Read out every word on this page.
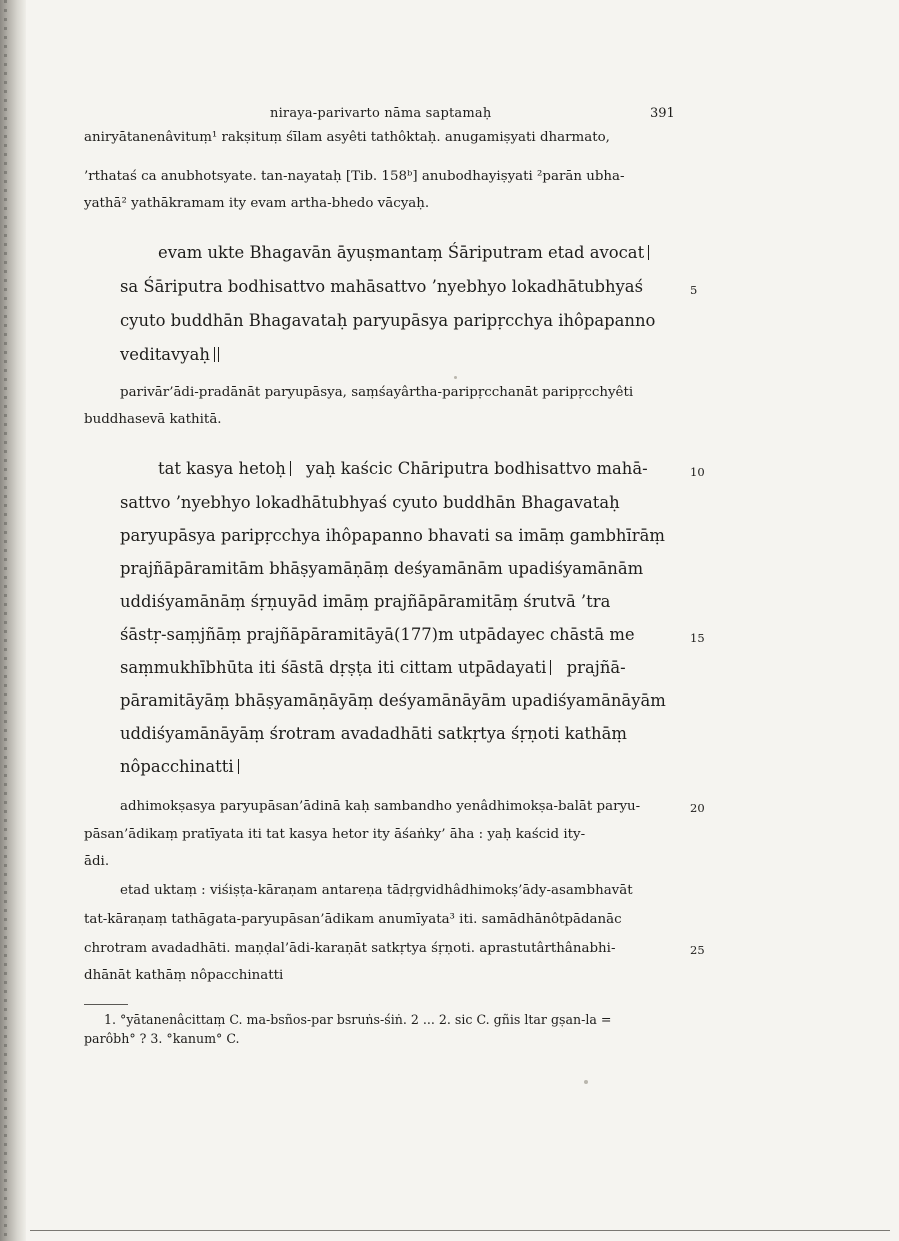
niraya-parivarto nāma saptamaḥ	391
aniryātanenâvituṃ¹ rakṣituṃ śīlam asyêti tathôktaḥ. anugamiṣyati dharmato,
’rthataś ca anubhotsyate. tan-nayataḥ [Tib. 158ᵇ] anubodhayiṣyati ²parān ubha-
yathā² yathākramam ity evam artha-bhedo vācyaḥ.
evam ukte Bhagavān āyuṣmantaṃ Śāriputram etad avocat
sa Śāriputra bodhisattvo mahāsattvo ’nyebhyo lokadhātubhyaś
cyuto buddhān Bhagavataḥ paryupāsya paripṛcchya ihôpapanno
veditavyaḥ
parivār’ādi-pradānāt paryupāsya, saṃśayârtha-paripṛcchanāt paripṛcchyêti
buddhasevā kathitā.
tat kasya hetoḥ yaḥ kaścic Chāriputra bodhisattvo mahā-
sattvo ’nyebhyo lokadhātubhyaś cyuto buddhān Bhagavataḥ
paryupāsya paripṛcchya ihôpapanno bhavati sa imāṃ gambhīrāṃ
prajñāpāramitām bhāṣyamāṇāṃ deśyamānām upadiśyamānām
uddiśyamānāṃ śṛṇuyād imāṃ prajñāpāramitāṃ śrutvā ’tra
śāstṛ-saṃjñāṃ prajñāpāramitāyā(177)m utpādayec chāstā me
saṃmukhībhūta iti śāstā dṛṣṭa iti cittam utpādayati prajñā-
pāramitāyāṃ bhāṣyamāṇāyāṃ deśyamānāyām upadiśyamānāyām
uddiśyamānāyāṃ śrotram avadadhāti satkṛtya śṛṇoti kathāṃ
nôpacchinatti
adhimokṣasya paryupāsan’ādinā kaḥ sambandho yenâdhimokṣa-balāt paryu-
pāsan’ādikaṃ pratīyata iti tat kasya hetor ity āśaṅky’ āha : yaḥ kaścid ity-
ādi.
etad uktaṃ : viśiṣṭa-kāraṇam antareṇa tādṛgvidhâdhimokṣ’ādy-asambhavāt
tat-kāraṇaṃ tathāgata-paryupāsan’ādikam anumīyata³ iti. samādhānôtpādanāc
chrotram avadadhāti. maṇḍal’ādi-karaṇāt satkṛtya śṛṇoti. aprastutârthânabhi-
dhānāt kathāṃ nôpacchinatti
5
10
15
20
25
1. °yātanenâcittaṃ C. ma-bsños-par bsruṅs-śiṅ. 2 ... 2. sic C. gñis ltar gṣan-la =
parôbh° ? 3. °kanum° C.
